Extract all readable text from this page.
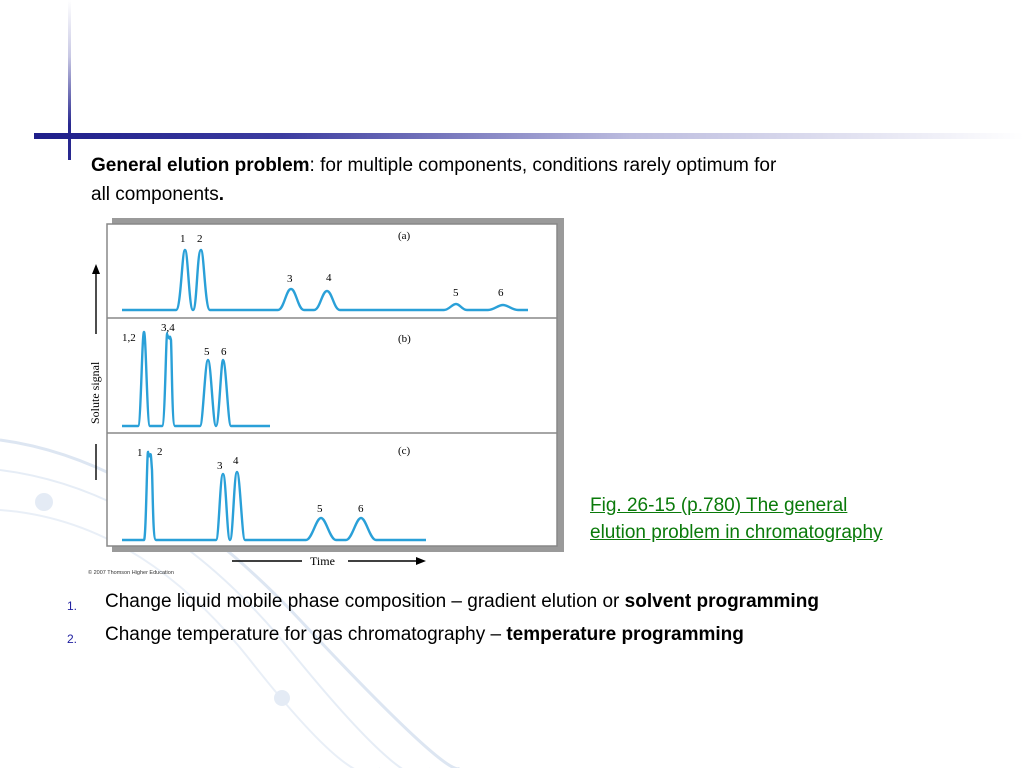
General elution problem: for multiple components, conditions rarely optimum for
all components.
(a)
(b)
(c)
1 2
3	4
5	6
1,2
3,4
5 6
1 2
3 4
5	6
Solute signal
Time
© 2007 Thomson Higher Education
Fig. 26-15 (p.780) The general
elution problem in chromatography
1. Change liquid mobile phase composition – gradient elution or solvent programming
2. Change temperature for gas chromatography – temperature programming
